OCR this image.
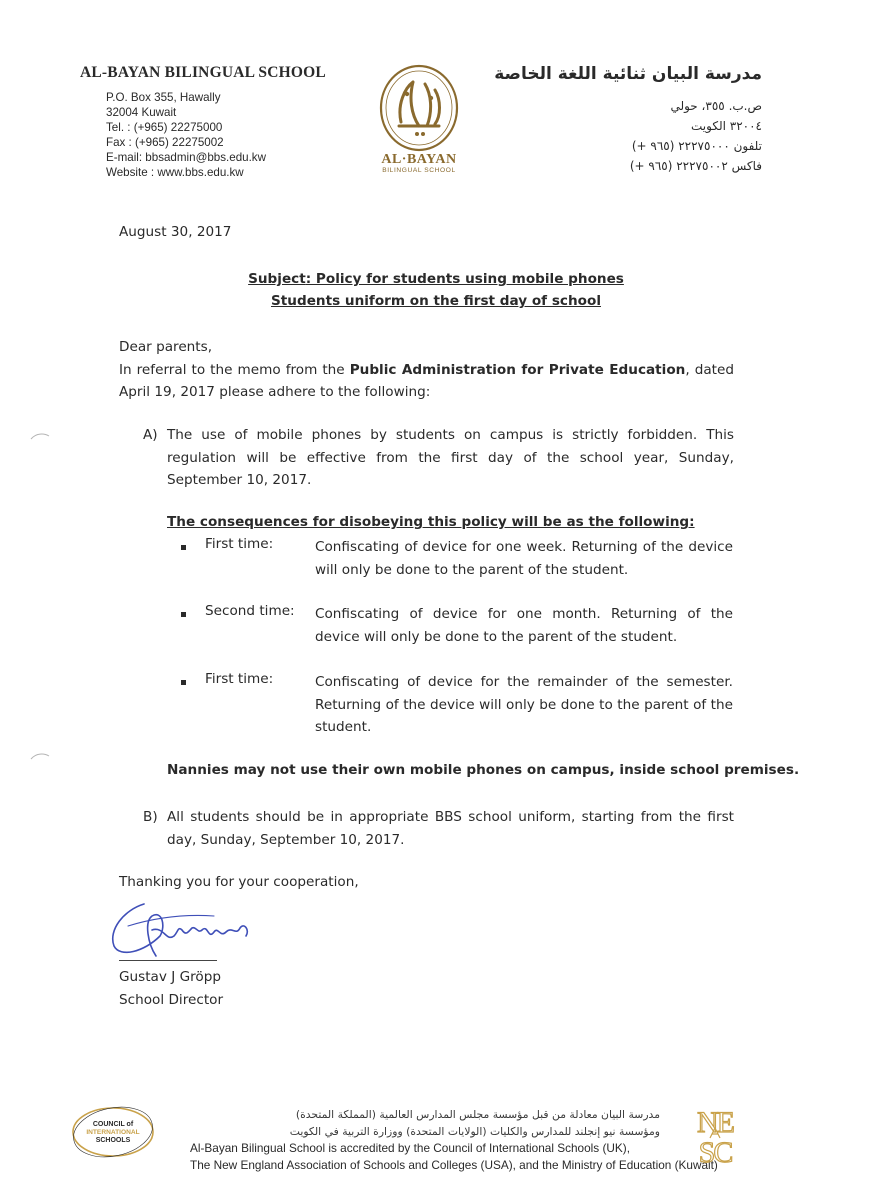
AL-BAYAN BILINGUAL SCHOOL
P.O. Box 355, Hawally
32004 Kuwait
Tel. : (+965) 22275000
Fax : (+965) 22275002
E-mail: bbsadmin@bbs.edu.kw
Website : www.bbs.edu.kw
AL·BAYAN
BILINGUAL SCHOOL
مدرسة البيان ثنائية اللغة الخاصة
ص.ب. ٣٥٥، حولي
٣٢٠٠٤ الكويت
تلفون ٢٢٢٧٥٠٠٠ (٩٦٥ +)
فاكس ٢٢٢٧٥٠٠٢ (٩٦٥ +)
August 30, 2017
Subject: Policy for students using mobile phones
Students uniform on the first day of school
Dear parents,
In referral to the memo from the Public Administration for Private Education, dated April 19, 2017 please adhere to the following:
A) The use of mobile phones by students on campus is strictly forbidden. This regulation will be effective from the first day of the school year, Sunday, September 10, 2017.
The consequences for disobeying this policy will be as the following:
First time:	Confiscating of device for one week. Returning of the device will only be done to the parent of the student.
Second time: Confiscating of device for one month. Returning of the device will only be done to the parent of the student.
First time:	Confiscating of device for the remainder of the semester. Returning of the device will only be done to the parent of the student.
Nannies may not use their own mobile phones on campus, inside school premises.
B) All students should be in appropriate BBS school uniform, starting from the first day, Sunday, September 10, 2017.
Thanking you for your cooperation,
Gustav J Gröpp
School Director
COUNCIL of
INTERNATIONAL
SCHOOLS
مدرسة البيان معادلة من قبل مؤسسة مجلس المدارس العالمية (المملكة المتحدة)
ومؤسسة نيو إنجلند للمدارس والكليات (الولايات المتحدة) ووزارة التربية في الكويت
Al-Bayan Bilingual School is accredited by the Council of International Schools (UK),
The New England Association of Schools and Colleges (USA), and the Ministry of Education (Kuwait)
NE
SC
